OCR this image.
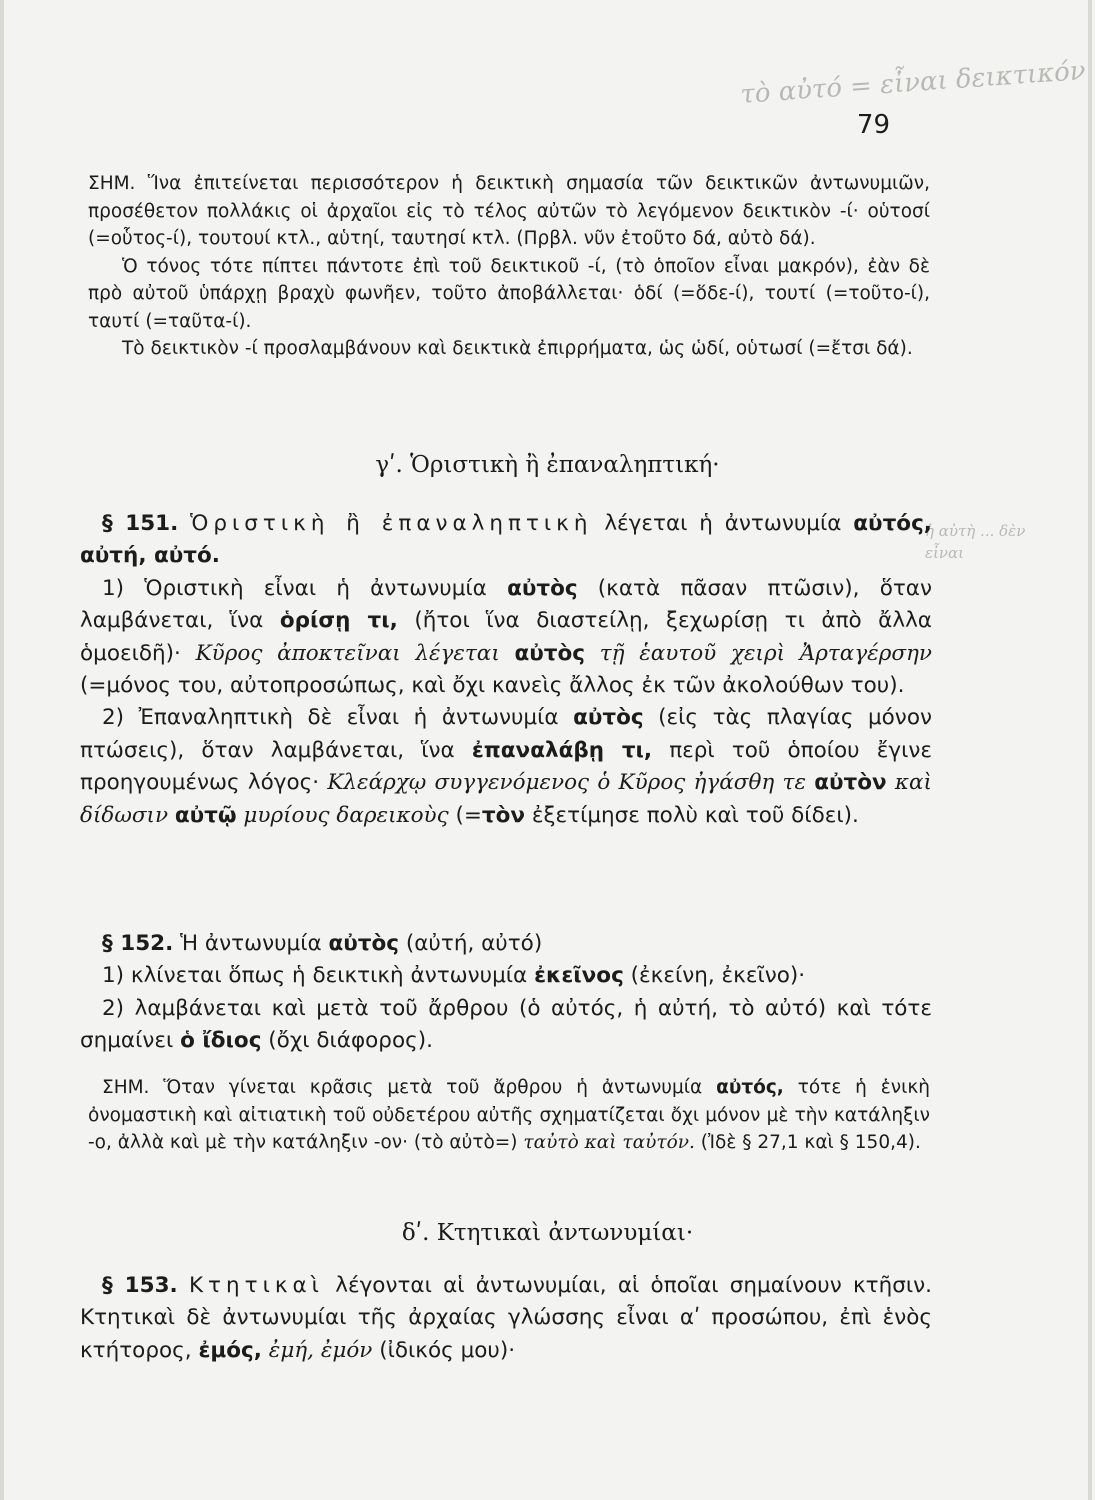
τὸ αὐτό = εἶναι δεικτικόν
ἡ αὐτὴ ... δὲν εἶναι
79

ΣΗΜ. Ἵνα ἐπιτείνεται περισσότερον ἡ δεικτικὴ σημασία τῶν δεικτικῶν ἀντωνυμιῶν, προσέθετον πολλάκις οἱ ἀρχαῖοι εἰς τὸ τέλος αὐτῶν τὸ λεγόμενον δεικτικὸν -ί· οὑτοσί (=οὗτος-ί), τουτουί κτλ., αὑτηί, ταυτησί κτλ. (Πρβλ. νῦν ἐτοῦτο δά, αὐτὸ δά).

Ὁ τόνος τότε πίπτει πάντοτε ἐπὶ τοῦ δεικτικοῦ -ί, (τὸ ὁποῖον εἶναι μακρόν), ἐὰν δὲ πρὸ αὐτοῦ ὑπάρχῃ βραχὺ φωνῆεν, τοῦτο ἀποβάλλεται· ὁδί (=ὅδε-ί), τουτί (=τοῦτο-ί), ταυτί (=ταῦτα-ί).

Τὸ δεικτικὸν -ί προσλαμβάνουν καὶ δεικτικὰ ἐπιρρήματα, ὡς ὡδί, οὑτωσί (=ἔτσι δά).

γʹ. Ὁριστικὴ ἢ ἐπαναληπτική·

§ 151. Ὁριστικὴ ἢ ἐπαναληπτικὴ λέγεται ἡ ἀντωνυμία αὐτός, αὐτή, αὐτό.

1) Ὁριστικὴ εἶναι ἡ ἀντωνυμία αὐτὸς (κατὰ πᾶσαν πτῶσιν), ὅταν λαμβάνεται, ἵνα ὁρίσῃ τι, (ἤτοι ἵνα διαστείλῃ, ξεχωρίσῃ τι ἀπὸ ἄλλα ὁμοειδῆ)· Κῦρος ἀποκτεῖναι λέγεται αὐτὸς τῇ ἑαυτοῦ χειρὶ Ἀρταγέρσην (=μόνος του, αὐτοπροσώπως, καὶ ὄχι κανεὶς ἄλλος ἐκ τῶν ἀκολούθων του).

2) Ἐπαναληπτικὴ δὲ εἶναι ἡ ἀντωνυμία αὐτὸς (εἰς τὰς πλαγίας μόνον πτώσεις), ὅταν λαμβάνεται, ἵνα ἐπαναλάβῃ τι, περὶ τοῦ ὁποίου ἔγινε προηγουμένως λόγος· Κλεάρχῳ συγγενόμενος ὁ Κῦρος ἠγάσθη τε αὐτὸν καὶ δίδωσιν αὐτῷ μυρίους δαρεικοὺς (=τὸν ἐξετίμησε πολὺ καὶ τοῦ δίδει).

§ 152. Ἡ ἀντωνυμία αὐτὸς (αὐτή, αὐτό)

1) κλίνεται ὅπως ἡ δεικτικὴ ἀντωνυμία ἐκεῖνος (ἐκείνη, ἐκεῖνο)·

2) λαμβάνεται καὶ μετὰ τοῦ ἄρθρου (ὁ αὐτός, ἡ αὐτή, τὸ αὐτό) καὶ τότε σημαίνει ὁ ἴδιος (ὄχι διάφορος).

ΣΗΜ. Ὅταν γίνεται κρᾶσις μετὰ τοῦ ἄρθρου ἡ ἀντωνυμία αὐτός, τότε ἡ ἑνικὴ ὀνομαστικὴ καὶ αἰτιατικὴ τοῦ οὐδετέρου αὐτῆς σχηματίζεται ὄχι μόνον μὲ τὴν κατάληξιν -ο, ἀλλὰ καὶ μὲ τὴν κατάληξιν -ον· (τὸ αὐτὸ=) ταὐτὸ καὶ ταὐτόν. (Ἰδὲ § 27,1 καὶ § 150,4).

δʹ. Κτητικαὶ ἀντωνυμίαι·

§ 153. Κτητικαὶ λέγονται αἱ ἀντωνυμίαι, αἱ ὁποῖαι σημαίνουν κτῆσιν. Κτητικαὶ δὲ ἀντωνυμίαι τῆς ἀρχαίας γλώσσης εἶναι αʹ προσώπου, ἐπὶ ἑνὸς κτήτορος, ἐμός, ἐμή, ἐμόν (ἰδικός μου)·
